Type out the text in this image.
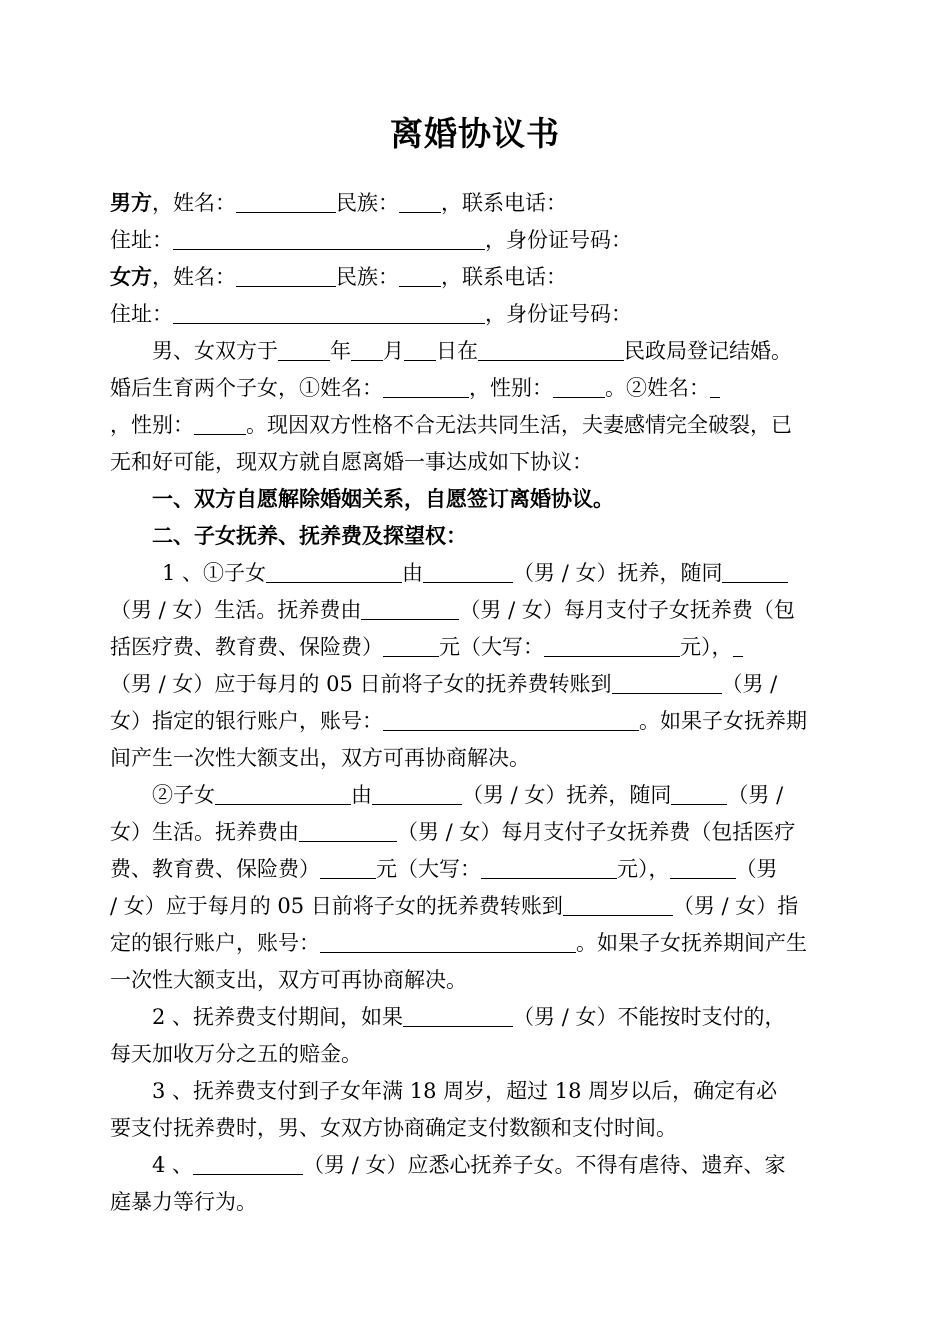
离婚协议书
男方，姓名：	民族： ，联系电话：
住址：	，身份证号码：
女方，姓名：	民族： ，联系电话：
住址：	，身份证号码：
男、女双方于 年 月 日在	民政局登记结婚。
婚后生育两个子女，①姓名：	，性别： 。②姓名：
，性别： 。现因双方性格不合无法共同生活，夫妻感情完全破裂，已
无和好可能，现双方就自愿离婚一事达成如下协议：
一、双方自愿解除婚姻关系，自愿签订离婚协议。
二、子女抚养、抚养费及探望权：
1 、①子女	由	（男 / 女）抚养，随同
（男 / 女）生活。抚养费由	（男 / 女）每月支付子女抚养费（包
括医疗费、教育费、保险费）	元（大写：	元），
（男 / 女）应于每月的 05 日前将子女的抚养费转账到	（男 /
女）指定的银行账户，账号：	。如果子女抚养期
间产生一次性大额支出，双方可再协商解决。
②子女	由	（男 / 女）抚养，随同	（男 /
女）生活。抚养费由	（男 / 女）每月支付子女抚养费（包括医疗
费、教育费、保险费）	元（大写：	元），	（男
/ 女）应于每月的 05 日前将子女的抚养费转账到	（男 / 女）指
定的银行账户，账号：	。如果子女抚养期间产生
一次性大额支出，双方可再协商解决。
2 、抚养费支付期间，如果	（男 / 女）不能按时支付的，
每天加收万分之五的赔金。
3 、抚养费支付到子女年满 18 周岁，超过 18 周岁以后，确定有必
要支付抚养费时，男、女双方协商确定支付数额和支付时间。
4 、	（男 / 女）应悉心抚养子女。不得有虐待、遗弃、家
庭暴力等行为。
